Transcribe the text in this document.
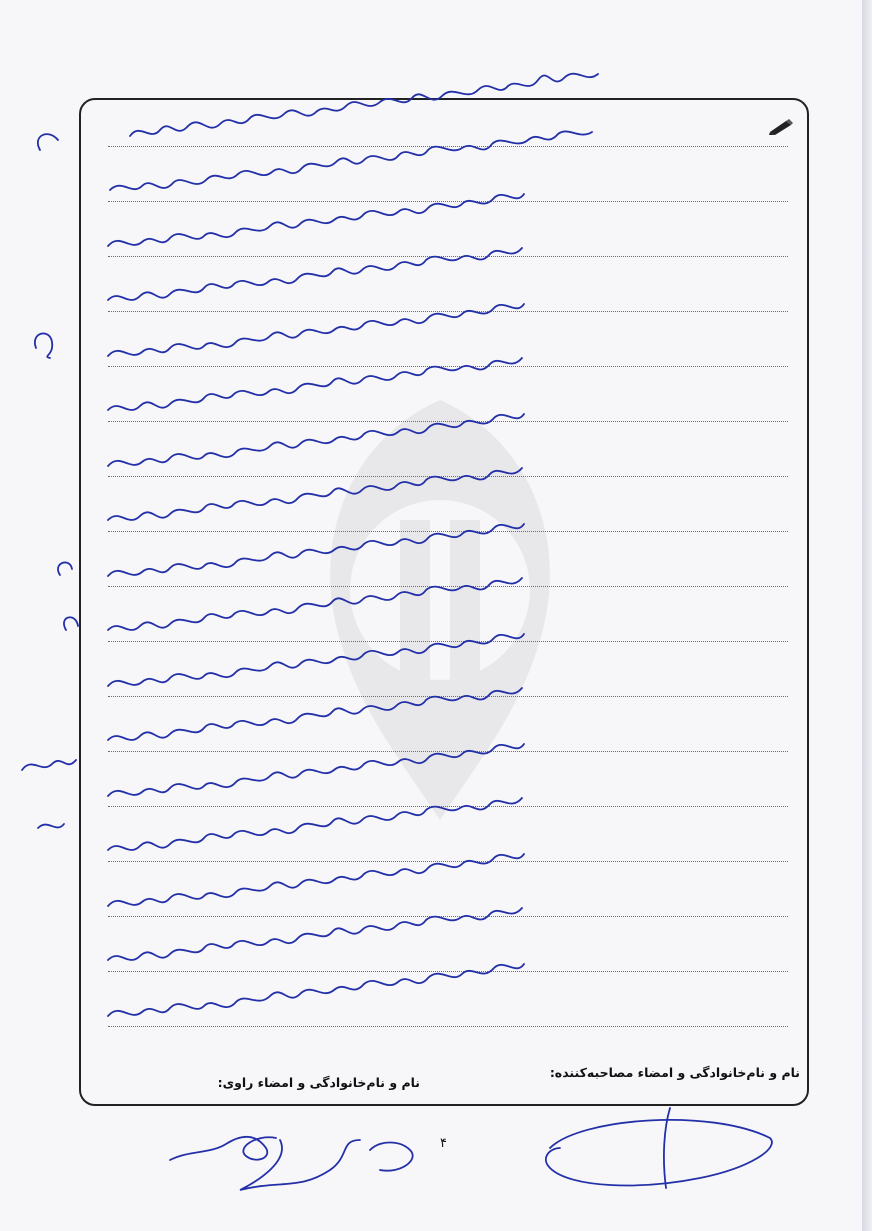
نام و نام‌خانوادگی و امضاء مصاحبه‌کننده:
نام و نام‌خانوادگی و امضاء راوی:
۴
